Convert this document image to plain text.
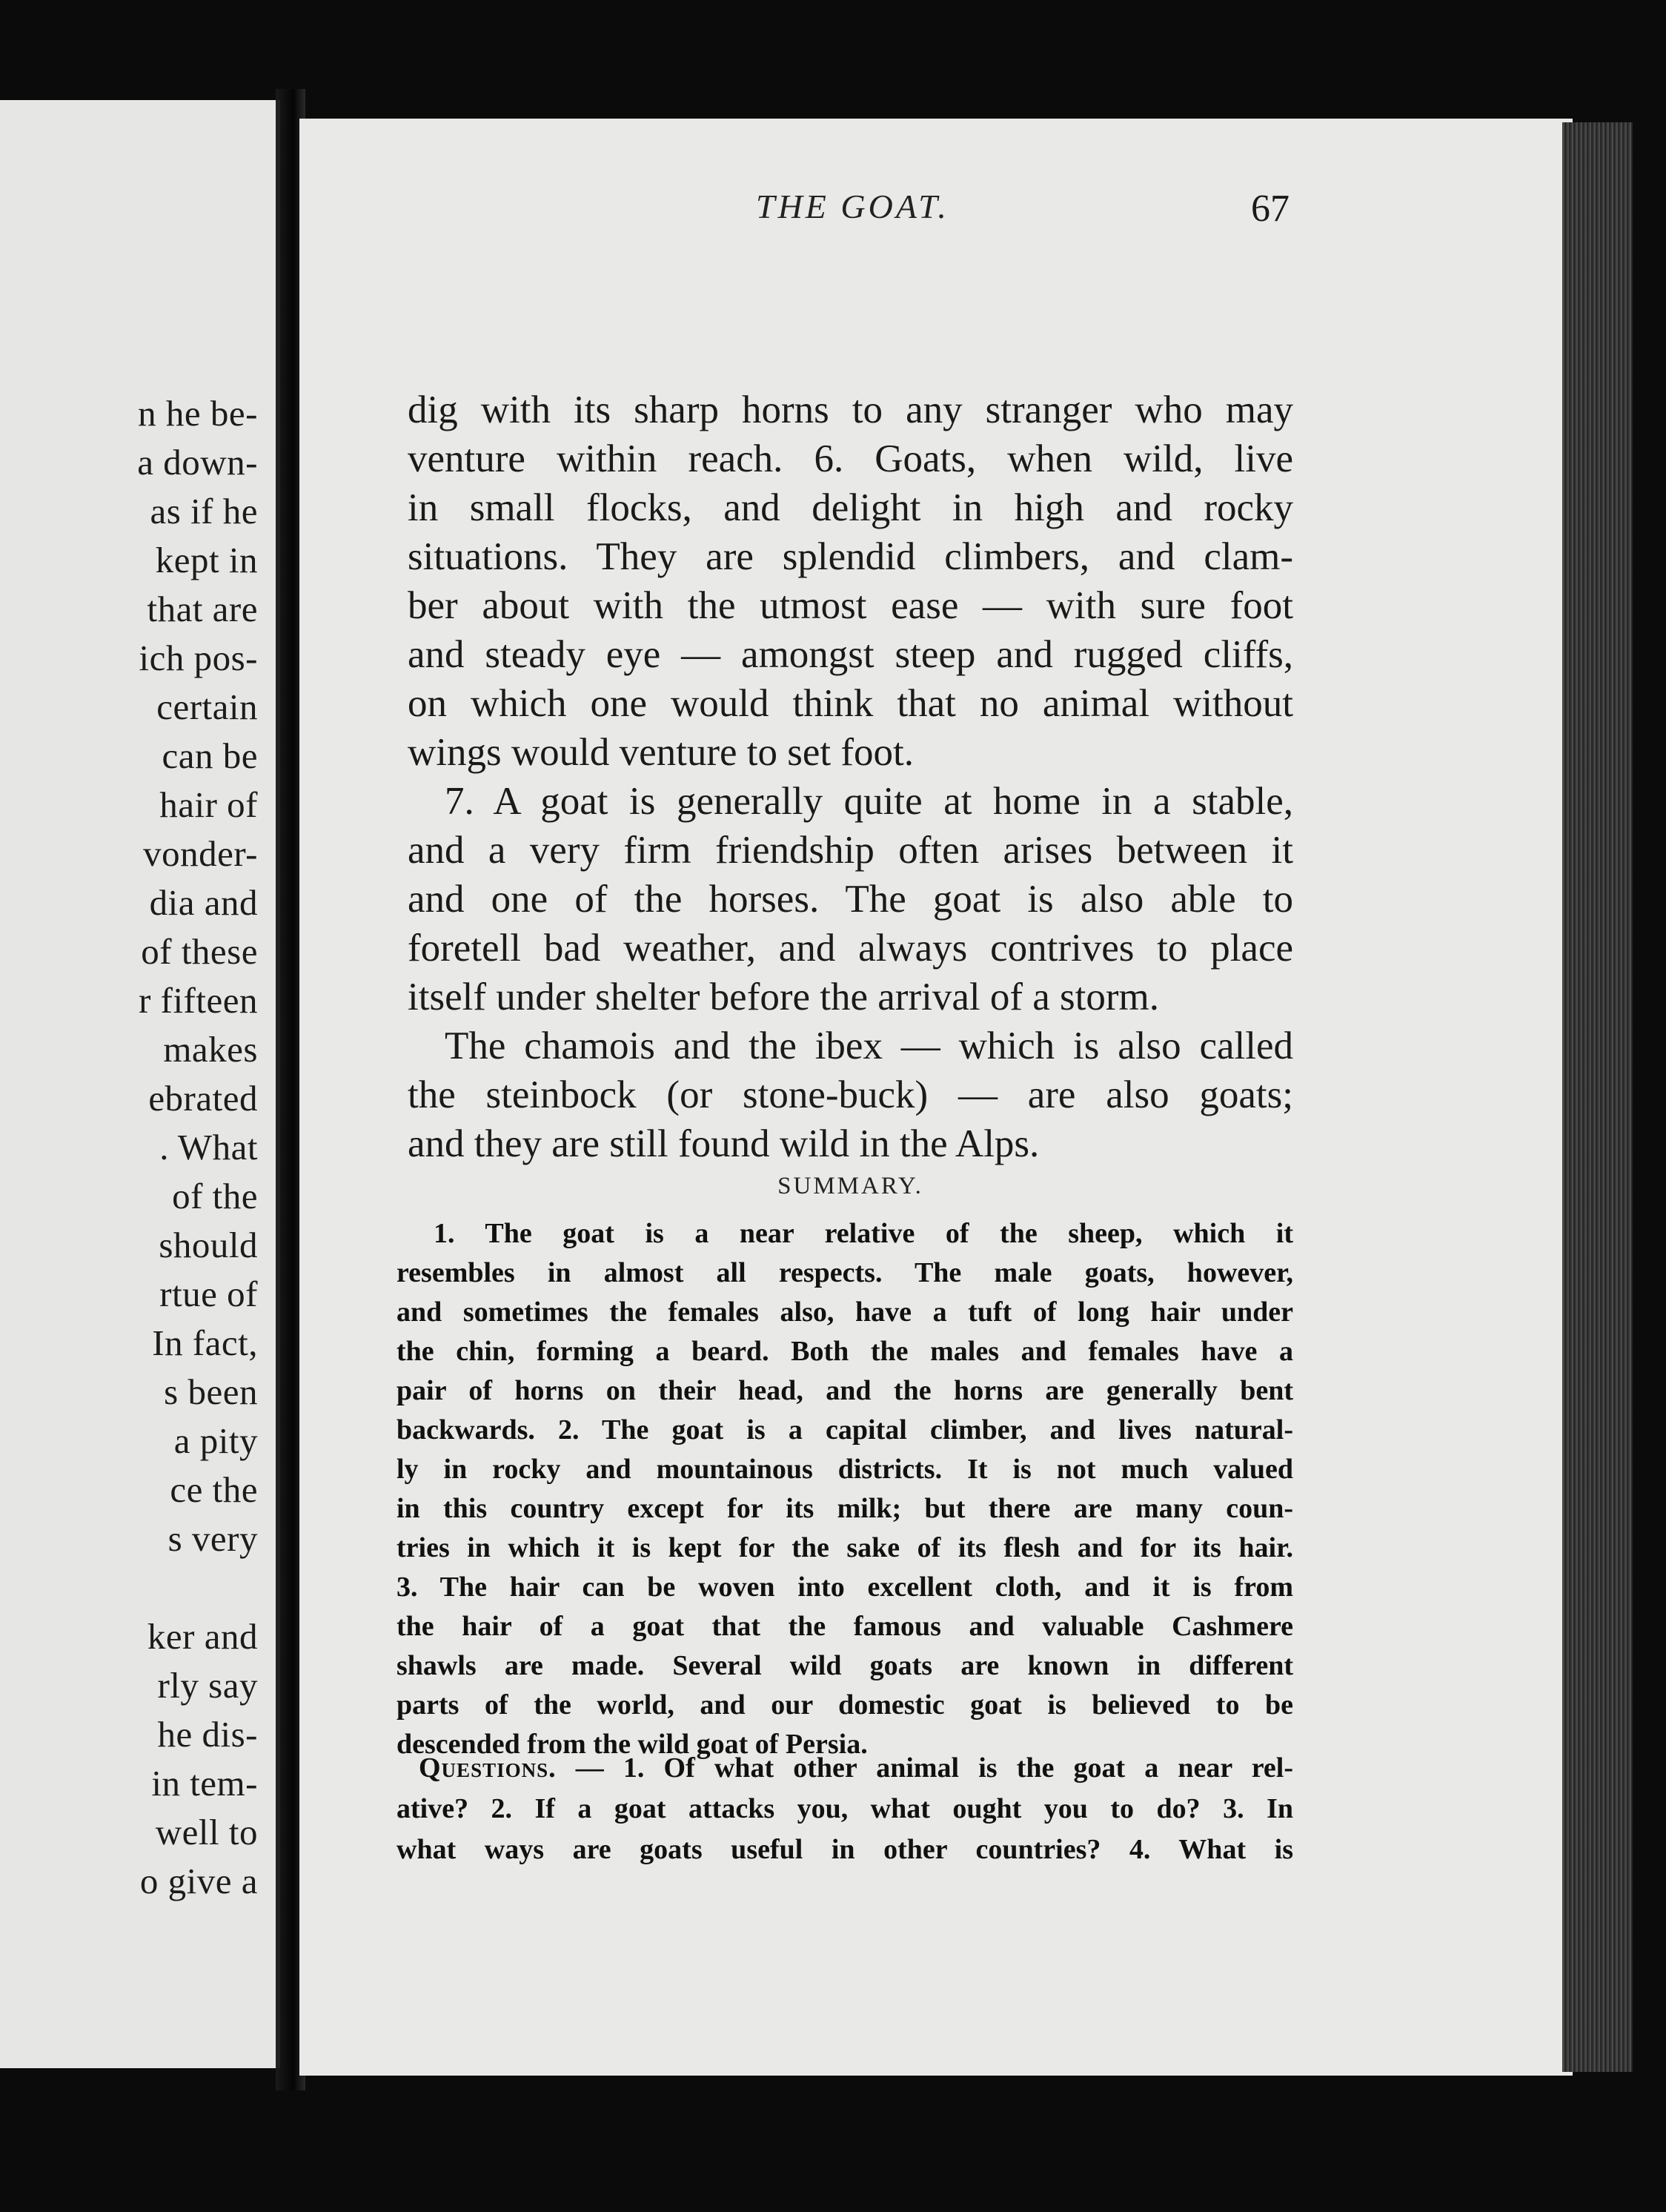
n he be-
a down-
as if he
kept in
that are
ich pos-
certain
can be
hair of
vonder-
dia and
of these
r fifteen
makes
ebrated
. What
of the
should
rtue of
In fact,
s been
a pity
ce the
s very
ker and
rly say
he dis-
in tem-
well to
o give a
THE GOAT.	67
dig with its sharp horns to any stranger who may
venture within reach. 6. Goats, when wild, live
in small flocks, and delight in high and rocky
situations. They are splendid climbers, and clam-
ber about with the utmost ease — with sure foot
and steady eye — amongst steep and rugged cliffs,
on which one would think that no animal without
wings would venture to set foot.
7. A goat is generally quite at home in a stable,
and a very firm friendship often arises between it
and one of the horses. The goat is also able to
foretell bad weather, and always contrives to place
itself under shelter before the arrival of a storm.
The chamois and the ibex — which is also called
the steinbock (or stone-buck) — are also goats;
and they are still found wild in the Alps.
SUMMARY.
1. The goat is a near relative of the sheep, which it
resembles in almost all respects. The male goats, however,
and sometimes the females also, have a tuft of long hair under
the chin, forming a beard. Both the males and females have a
pair of horns on their head, and the horns are generally bent
backwards. 2. The goat is a capital climber, and lives natural-
ly in rocky and mountainous districts. It is not much valued
in this country except for its milk; but there are many coun-
tries in which it is kept for the sake of its flesh and for its hair.
3. The hair can be woven into excellent cloth, and it is from
the hair of a goat that the famous and valuable Cashmere
shawls are made. Several wild goats are known in different
parts of the world, and our domestic goat is believed to be
descended from the wild goat of Persia.
Questions. — 1. Of what other animal is the goat a near rel-
ative? 2. If a goat attacks you, what ought you to do? 3. In
what ways are goats useful in other countries? 4. What is
